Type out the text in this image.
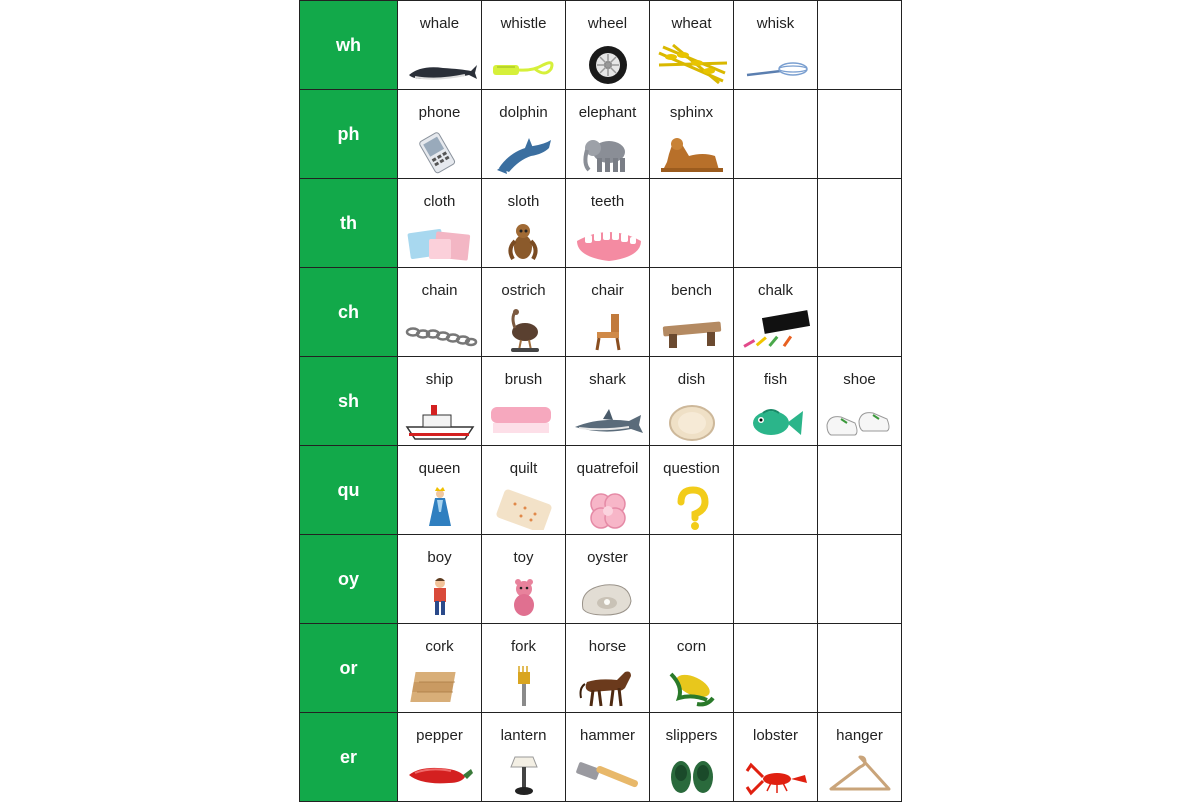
wh	whale	whistle	wheel	wheat	whisk	

ph	phone	dolphin	elephant	sphinx		

th	cloth	sloth	teeth			

ch	chain	ostrich	chair	bench	chalk	

sh	ship	brush	shark	dish	fish	shoe

qu	queen	quilt	quatrefoil	question		

oy	boy	toy	oyster			

or	cork	fork	horse	corn		

er	pepper	lantern	hammer	slippers	lobster	hanger
